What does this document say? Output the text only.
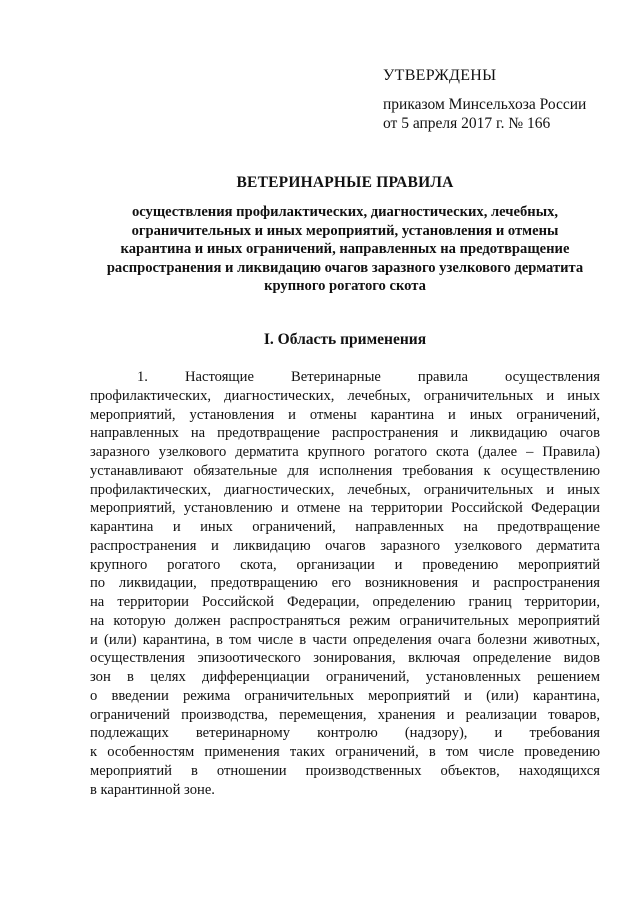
УТВЕРЖДЕНЫ
приказом Минсельхоза России
от 5 апреля 2017 г. № 166
ВЕТЕРИНАРНЫЕ ПРАВИЛА
осуществления профилактических, диагностических, лечебных,
ограничительных и иных мероприятий, установления и отмены
карантина и иных ограничений, направленных на предотвращение
распространения и ликвидацию очагов заразного узелкового дерматита
крупного рогатого скота
I. Область применения
1. Настоящие Ветеринарные правила осуществления
профилактических, диагностических, лечебных, ограничительных и иных
мероприятий, установления и отмены карантина и иных ограничений,
направленных на предотвращение распространения и ликвидацию очагов
заразного узелкового дерматита крупного рогатого скота (далее – Правила)
устанавливают обязательные для исполнения требования к осуществлению
профилактических, диагностических, лечебных, ограничительных и иных
мероприятий, установлению и отмене на территории Российской Федерации
карантина и иных ограничений, направленных на предотвращение
распространения и ликвидацию очагов заразного узелкового дерматита
крупного рогатого скота, организации и проведению мероприятий
по ликвидации, предотвращению его возникновения и распространения
на территории Российской Федерации, определению границ территории,
на которую должен распространяться режим ограничительных мероприятий
и (или) карантина, в том числе в части определения очага болезни животных,
осуществления эпизоотического зонирования, включая определение видов
зон в целях дифференциации ограничений, установленных решением
о введении режима ограничительных мероприятий и (или) карантина,
ограничений производства, перемещения, хранения и реализации товаров,
подлежащих ветеринарному контролю (надзору), и требования
к особенностям применения таких ограничений, в том числе проведению
мероприятий в отношении производственных объектов, находящихся
в карантинной зоне.
